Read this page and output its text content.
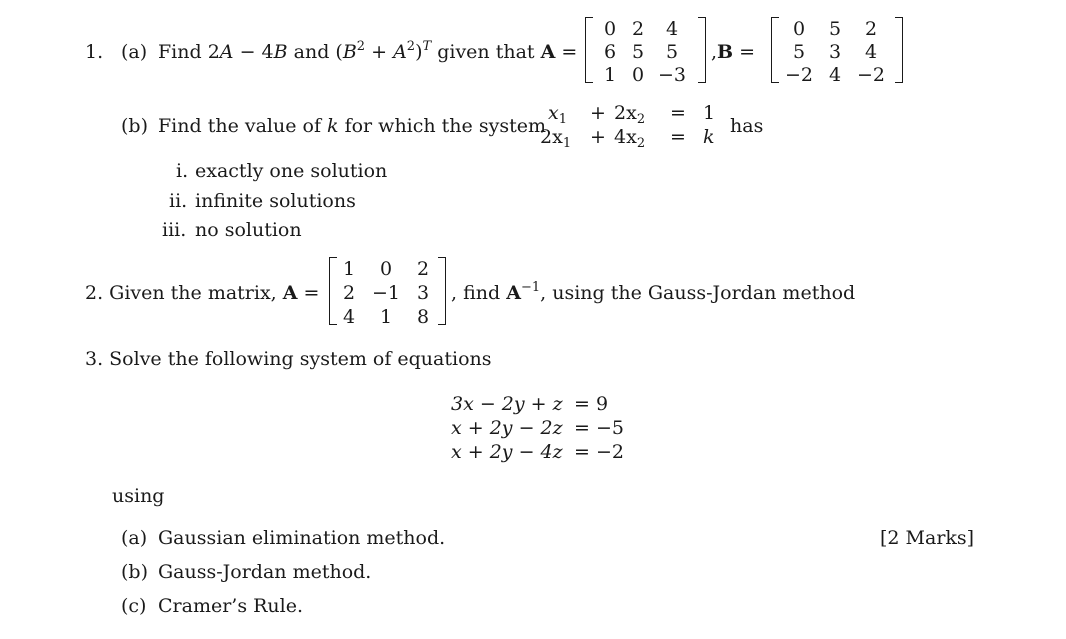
1. (a) Find 2A − 4B and $(B^2 + A^2)^T$ given that A =
0 2	4
6 5	5
1 0 −3
,B =
0	5	2
5	3	4
−2 4 −2
(b) Find the value of k for which the system
$x_1 + 2x_2 = 1$
$2x_1 + 4x_2 = k$ has
i. exactly one solution
ii. infinite solutions
iii. no solution
2. Given the matrix, A =
1	0	2
2 −1 3
4	1	8
, find $A^{-1}$, using the Gauss-Jordan method
3. Solve the following system of equations
3x − 2y + z = 9
x + 2y − 2z = −5
x + 2y − 4z = −2
using
(a) Gaussian elimination method.	[2 Marks]
(b) Gauss-Jordan method.
(c) Cramer’s Rule.
